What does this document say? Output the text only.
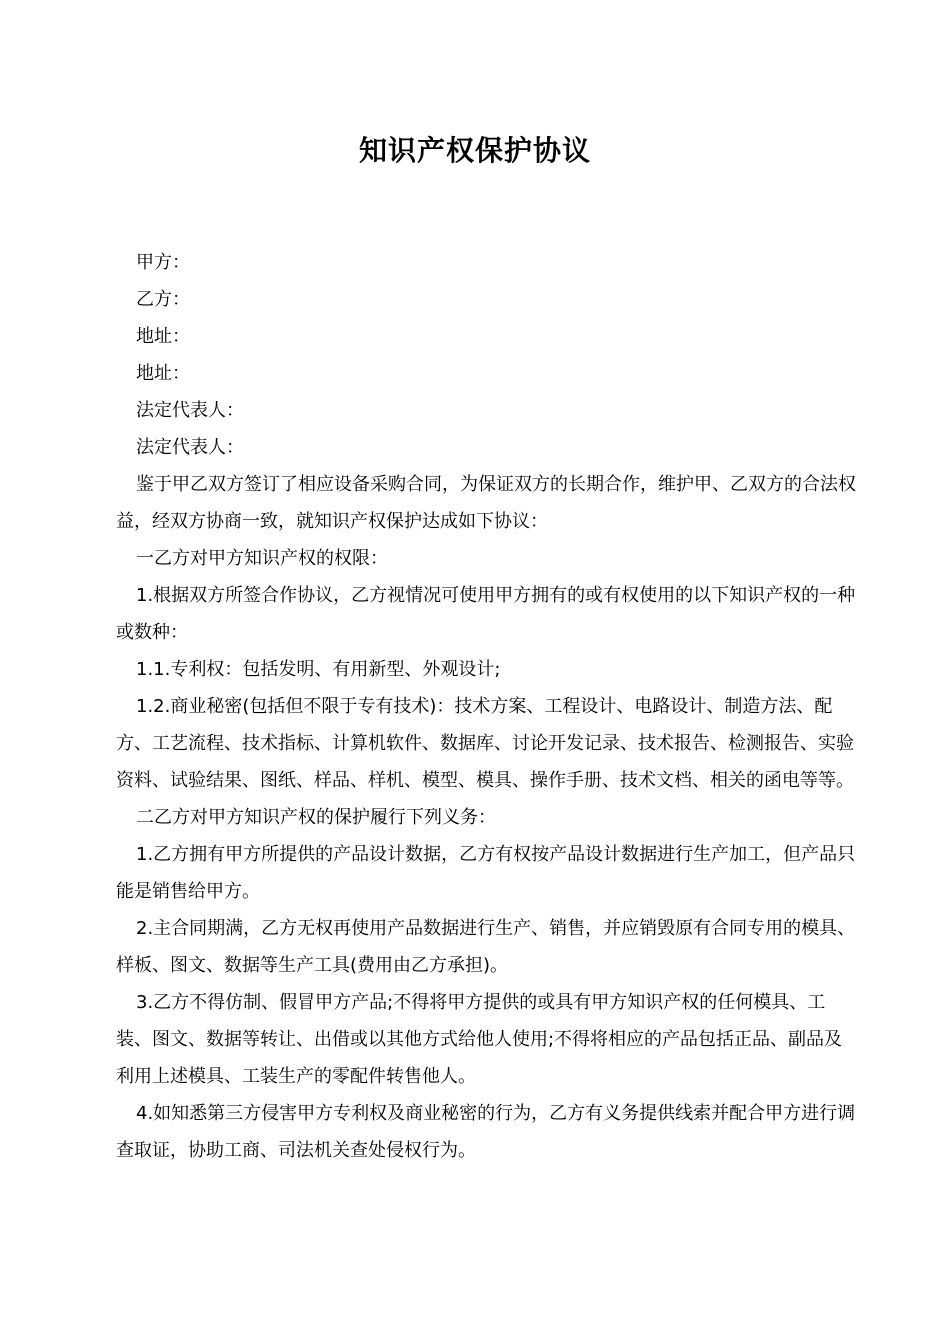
知识产权保护协议

甲方：

乙方：

地址：

地址：

法定代表人：

法定代表人：

鉴于甲乙双方签订了相应设备采购合同，为保证双方的长期合作，维护甲、乙双方的合法权益，经双方协商一致，就知识产权保护达成如下协议：

一乙方对甲方知识产权的权限：

1.根据双方所签合作协议，乙方视情况可使用甲方拥有的或有权使用的以下知识产权的一种或数种：

1.1.专利权：包括发明、有用新型、外观设计;

1.2.商业秘密(包括但不限于专有技术)：技术方案、工程设计、电路设计、制造方法、配方、工艺流程、技术指标、计算机软件、数据库、讨论开发记录、技术报告、检测报告、实验资料、试验结果、图纸、样品、样机、模型、模具、操作手册、技术文档、相关的函电等等。

二乙方对甲方知识产权的保护履行下列义务：

1.乙方拥有甲方所提供的产品设计数据，乙方有权按产品设计数据进行生产加工，但产品只能是销售给甲方。

2.主合同期满，乙方无权再使用产品数据进行生产、销售，并应销毁原有合同专用的模具、样板、图文、数据等生产工具(费用由乙方承担)。

3.乙方不得仿制、假冒甲方产品;不得将甲方提供的或具有甲方知识产权的任何模具、工装、图文、数据等转让、出借或以其他方式给他人使用;不得将相应的产品包括正品、副品及利用上述模具、工装生产的零配件转售他人。

4.如知悉第三方侵害甲方专利权及商业秘密的行为，乙方有义务提供线索并配合甲方进行调查取证，协助工商、司法机关查处侵权行为。
